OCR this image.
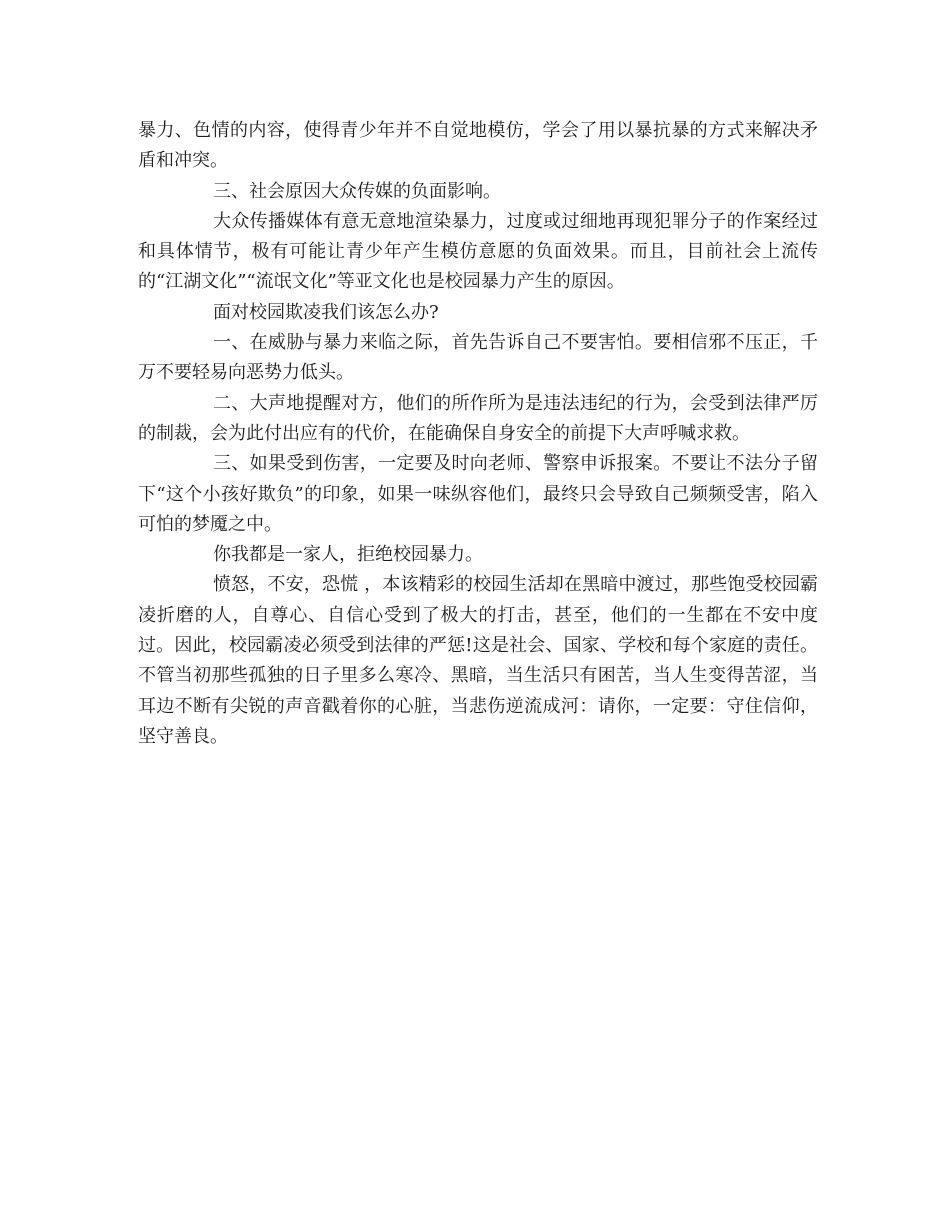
暴力、色情的内容，使得青少年并不自觉地模仿，学会了用以暴抗暴的方式来解决矛盾和冲突。

三、社会原因大众传媒的负面影响。

大众传播媒体有意无意地渲染暴力，过度或过细地再现犯罪分子的作案经过和具体情节，极有可能让青少年产生模仿意愿的负面效果。而且，目前社会上流传的“江湖文化”“流氓文化”等亚文化也是校园暴力产生的原因。

面对校园欺凌我们该怎么办?

一、在威胁与暴力来临之际，首先告诉自己不要害怕。要相信邪不压正，千万不要轻易向恶势力低头。

二、大声地提醒对方，他们的所作所为是违法违纪的行为，会受到法律严厉的制裁，会为此付出应有的代价，在能确保自身安全的前提下大声呼喊求救。

三、如果受到伤害，一定要及时向老师、警察申诉报案。不要让不法分子留下“这个小孩好欺负”的印象，如果一味纵容他们，最终只会导致自己频频受害，陷入可怕的梦魇之中。

你我都是一家人，拒绝校园暴力。

愤怒，不安，恐慌 ，本该精彩的校园生活却在黑暗中渡过，那些饱受校园霸凌折磨的人，自尊心、自信心受到了极大的打击，甚至，他们的一生都在不安中度过。因此，校园霸凌必须受到法律的严惩!这是社会、国家、学校和每个家庭的责任。不管当初那些孤独的日子里多么寒冷、黑暗，当生活只有困苦，当人生变得苦涩，当耳边不断有尖锐的声音戳着你的心脏，当悲伤逆流成河：请你，一定要：守住信仰，坚守善良。
